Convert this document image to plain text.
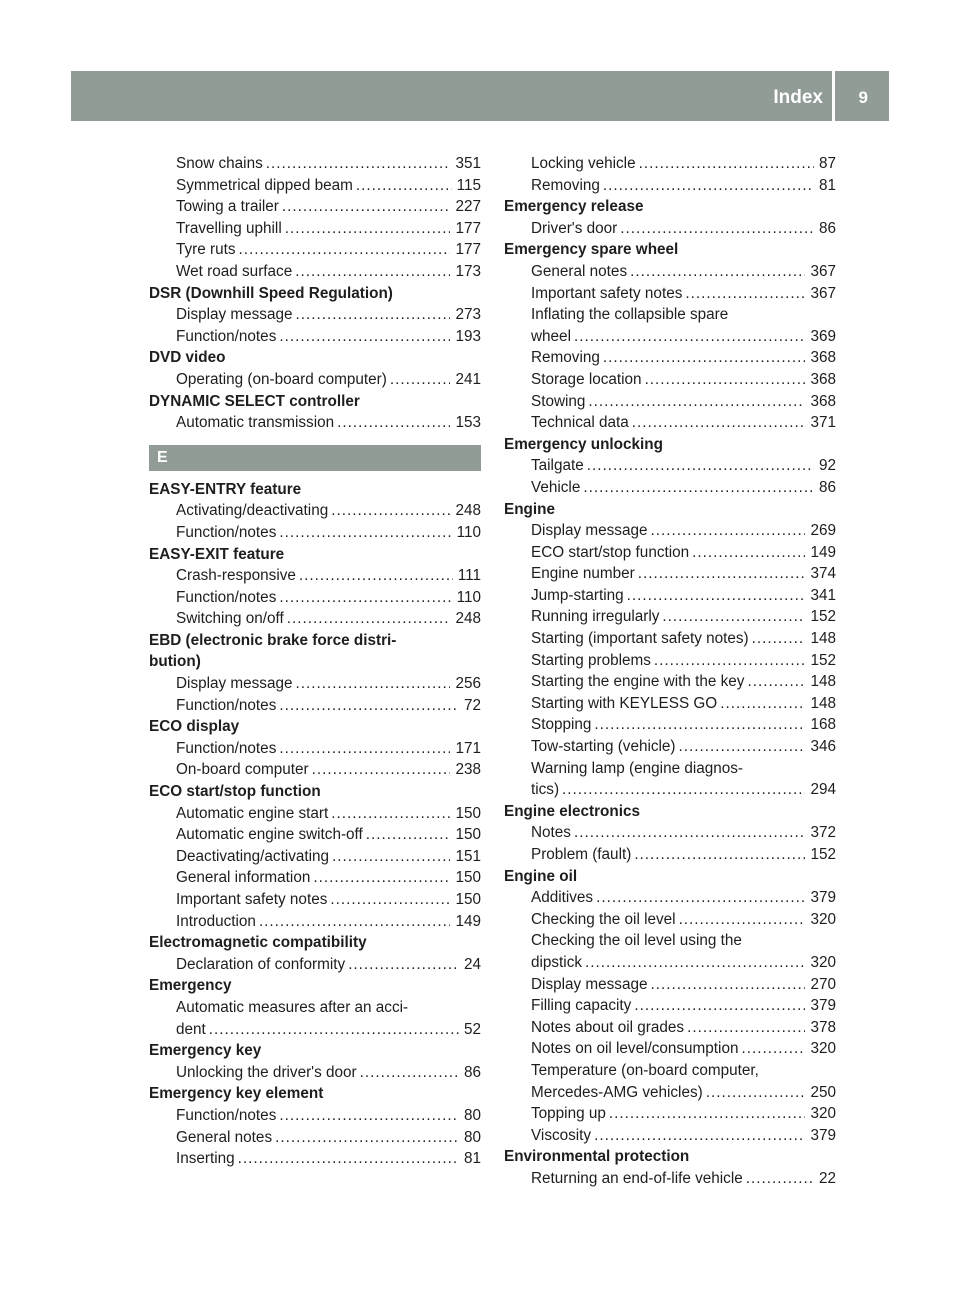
Index 9
Snow chains .....	351
Symmetrical dipped beam .....	115
Towing a trailer .....	227
Travelling uphill .....	177
Tyre ruts .....	177
Wet road surface .....	173
DSR (Downhill Speed Regulation)
Display message .....	273
Function/notes .....	193
DVD video
Operating (on-board computer) .....	241
DYNAMIC SELECT controller
Automatic transmission .....	153
E
EASY-ENTRY feature
Activating/deactivating .....	248
Function/notes .....	110
EASY-EXIT feature
Crash-responsive .....	111
Function/notes .....	110
Switching on/off .....	248
EBD (electronic brake force distri-
bution)
Display message .....	256
Function/notes .....	72
ECO display
Function/notes .....	171
On-board computer .....	238
ECO start/stop function
Automatic engine start .....	150
Automatic engine switch-off .....	150
Deactivating/activating .....	151
General information .....	150
Important safety notes .....	150
Introduction .....	149
Electromagnetic compatibility
Declaration of conformity .....	24
Emergency
Automatic measures after an acci-
dent .....	52
Emergency key
Unlocking the driver's door .....	86
Emergency key element
Function/notes .....	80
General notes .....	80
Inserting .....	81
Locking vehicle .....	87
Removing .....	81
Emergency release
Driver's door .....	86
Emergency spare wheel
General notes .....	367
Important safety notes .....	367
Inflating the collapsible spare
wheel .....	369
Removing .....	368
Storage location .....	368
Stowing .....	368
Technical data .....	371
Emergency unlocking
Tailgate .....	92
Vehicle .....	86
Engine
Display message .....	269
ECO start/stop function .....	149
Engine number .....	374
Jump-starting .....	341
Running irregularly .....	152
Starting (important safety notes) .....	148
Starting problems .....	152
Starting the engine with the key .....	148
Starting with KEYLESS GO .....	148
Stopping .....	168
Tow-starting (vehicle) .....	346
Warning lamp (engine diagnos-
tics) .....	294
Engine electronics
Notes .....	372
Problem (fault) .....	152
Engine oil
Additives .....	379
Checking the oil level .....	320
Checking the oil level using the
dipstick .....	320
Display message .....	270
Filling capacity .....	379
Notes about oil grades .....	378
Notes on oil level/consumption .....	320
Temperature (on-board computer,
Mercedes-AMG vehicles) .....	250
Topping up .....	320
Viscosity .....	379
Environmental protection
Returning an end-of-life vehicle .....	22
